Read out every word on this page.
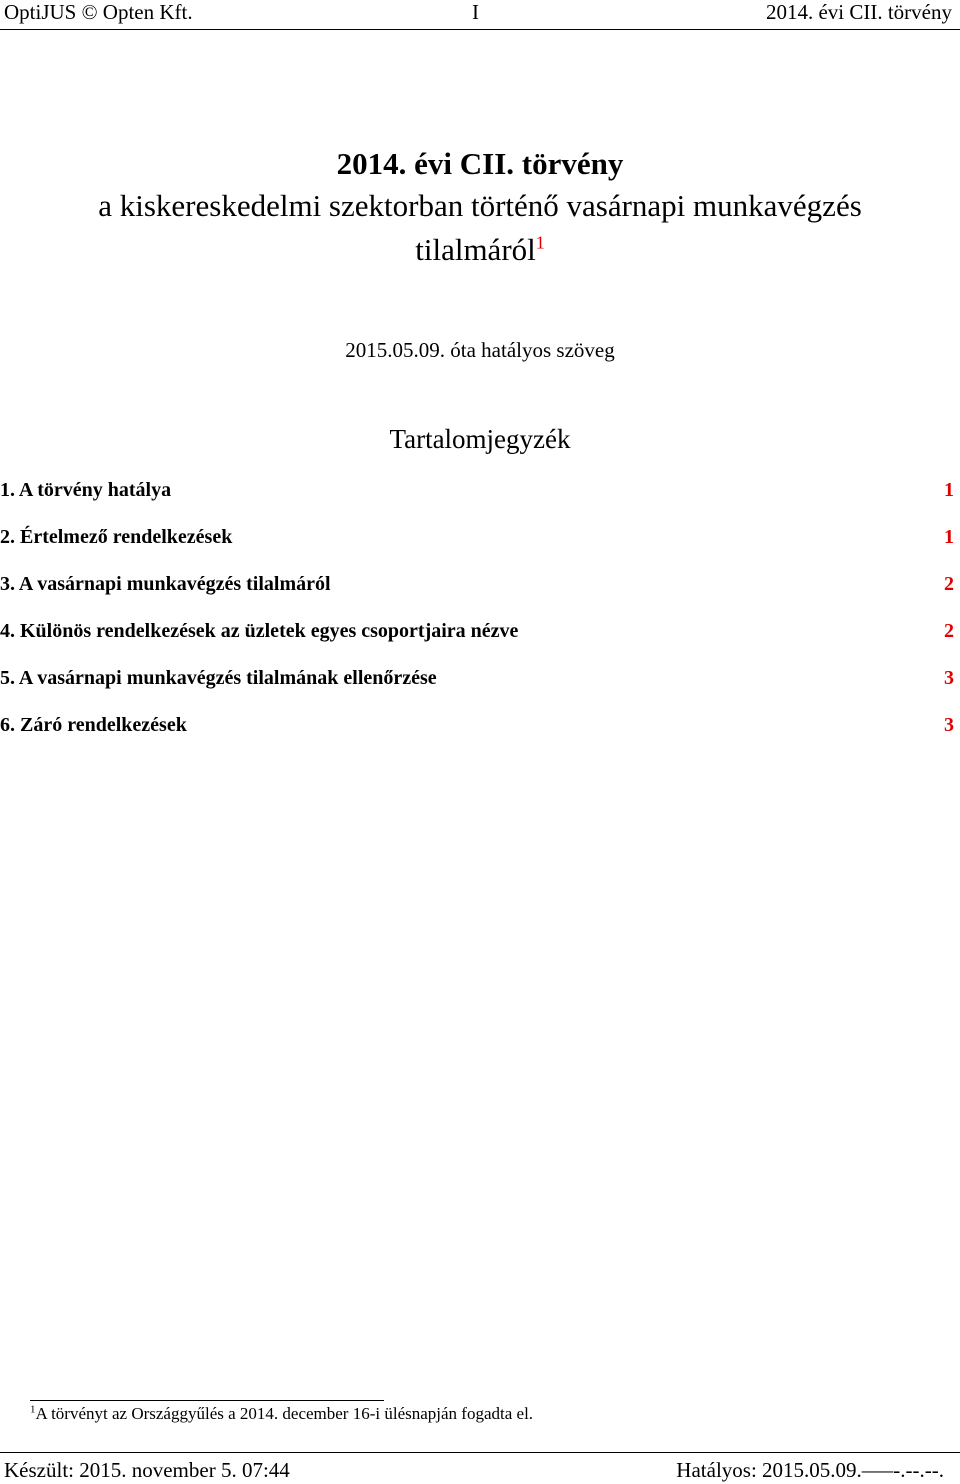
OptiJUS © Opten Kft.	I	2014. évi CII. törvény
2014. évi CII. törvény
a kiskereskedelmi szektorban történő vasárnapi munkavégzés tilalmáról$^1$
2015.05.09. óta hatályos szöveg
Tartalomjegyzék
1. A törvény hatálya	1
2. Értelmező rendelkezések	1
3. A vasárnapi munkavégzés tilalmáról	2
4. Különös rendelkezések az üzletek egyes csoportjaira nézve	2
5. A vasárnapi munkavégzés tilalmának ellenőrzése	3
6. Záró rendelkezések	3
$^1$A törvényt az Országgyűlés a 2014. december 16-i ülésnapján fogadta el.
Készült: 2015. november 5. 07:44	Hatályos: 2015.05.09.–––-.--.--.
